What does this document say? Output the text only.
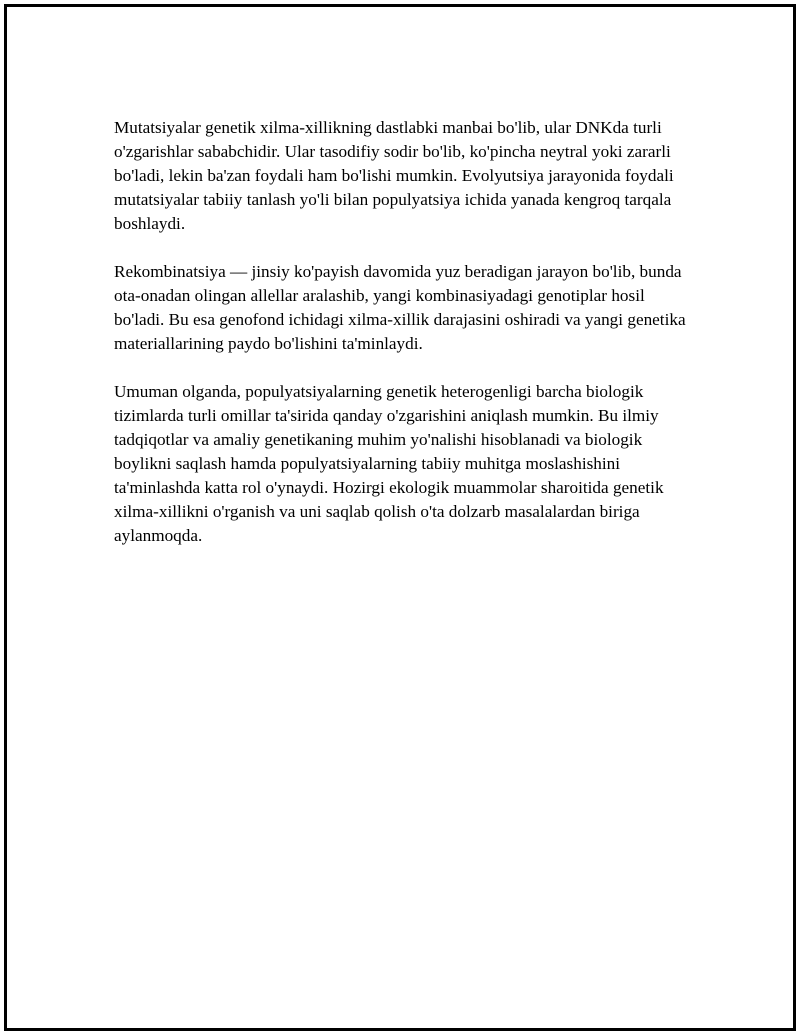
Mutatsiyalar genetik xilma-xillikning dastlabki manbai bo'lib, ular DNKda turli o'zgarishlar sababchidir. Ular tasodifiy sodir bo'lib, ko'pincha neytral yoki zararli bo'ladi, lekin ba'zan foydali ham bo'lishi mumkin. Evolyutsiya jarayonida foydali mutatsiyalar tabiiy tanlash yo'li bilan populyatsiya ichida yanada kengroq tarqala boshlaydi.

Rekombinatsiya — jinsiy ko'payish davomida yuz beradigan jarayon bo'lib, bunda ota-onadan olingan allellar aralashib, yangi kombinasiyadagi genotiplar hosil bo'ladi. Bu esa genofond ichidagi xilma-xillik darajasini oshiradi va yangi genetika materiallarining paydo bo'lishini ta'minlaydi.

Umuman olganda, populyatsiyalarning genetik heterogenligi barcha biologik tizimlarda turli omillar ta'sirida qanday o'zgarishini aniqlash mumkin. Bu ilmiy tadqiqotlar va amaliy genetikaning muhim yo'nalishi hisoblanadi va biologik boylikni saqlash hamda populyatsiyalarning tabiiy muhitga moslashishini ta'minlashda katta rol o'ynaydi. Hozirgi ekologik muammolar sharoitida genetik xilma-xillikni o'rganish va uni saqlab qolish o'ta dolzarb masalalardan biriga aylanmoqda.
